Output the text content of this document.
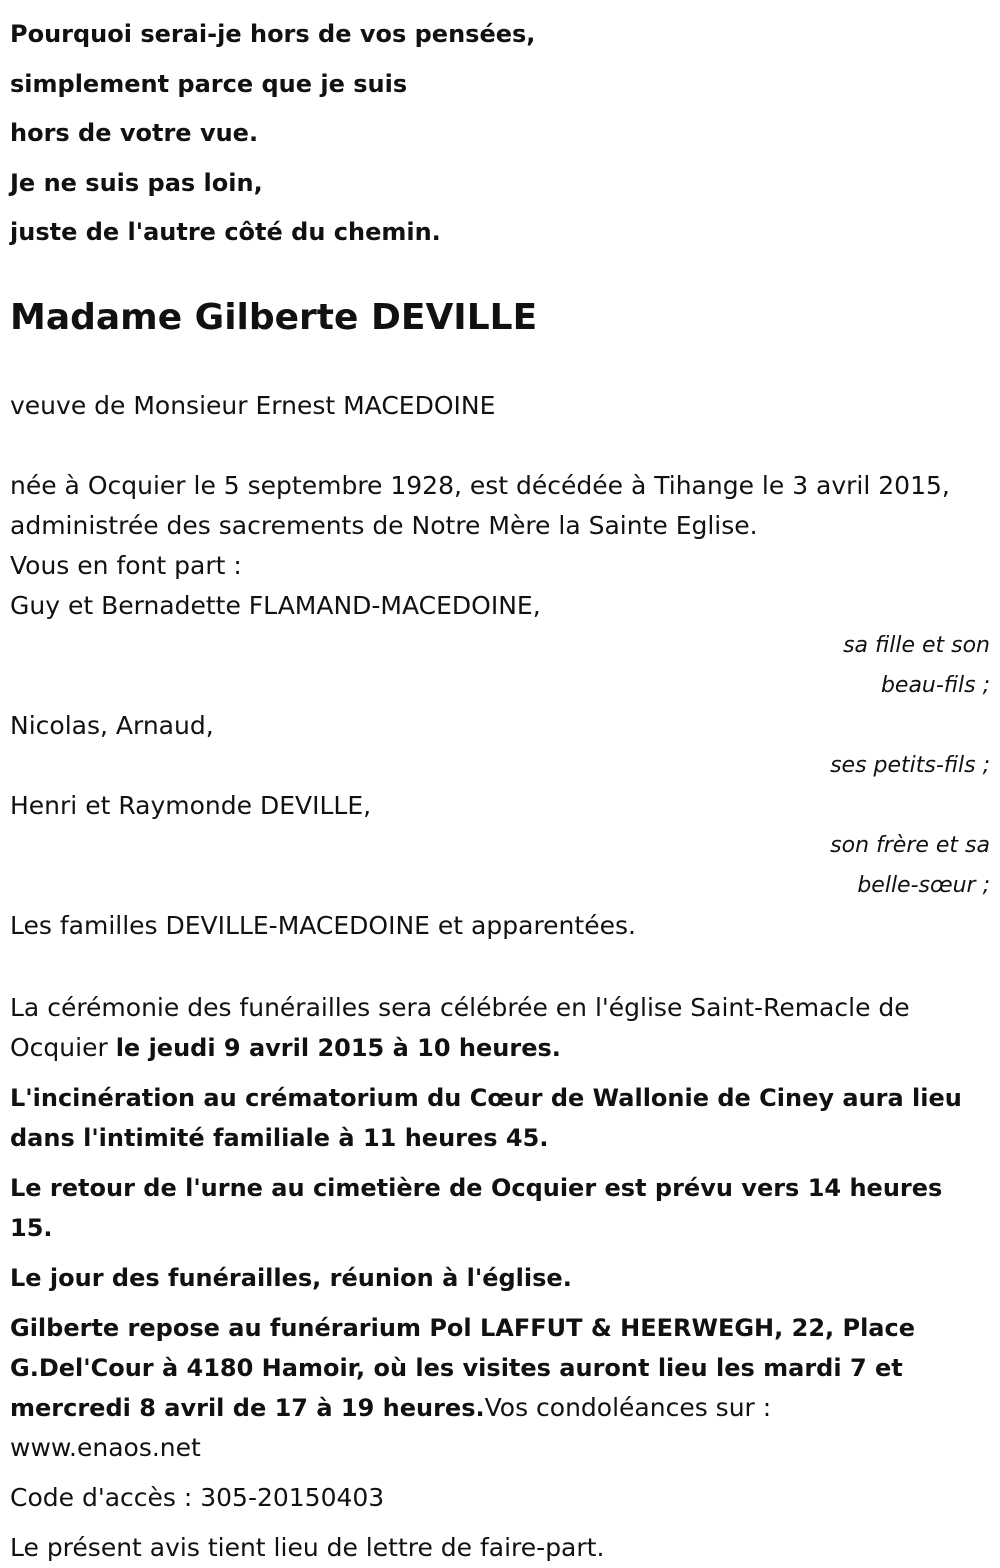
Pourquoi serai-je hors de vos pensées,
simplement parce que je suis
hors de votre vue.
Je ne suis pas loin,
juste de l'autre côté du chemin.
Madame Gilberte DEVILLE
veuve de Monsieur Ernest MACEDOINE
née à Ocquier le 5 septembre 1928, est décédée à Tihange le 3 avril 2015,
administrée des sacrements de Notre Mère la Sainte Eglise.
Vous en font part :
Guy et Bernadette FLAMAND-MACEDOINE,
sa fille et son
beau-fils ;
Nicolas, Arnaud,
ses petits-fils ;
Henri et Raymonde DEVILLE,
son frère et sa
belle-sœur ;
Les familles DEVILLE-MACEDOINE et apparentées.
La cérémonie des funérailles sera célébrée en l'église Saint-Remacle de
Ocquier le jeudi 9 avril 2015 à 10 heures.
L'incinération au crématorium du Cœur de Wallonie de Ciney aura lieu
dans l'intimité familiale à 11 heures 45.
Le retour de l'urne au cimetière de Ocquier est prévu vers 14 heures
15.
Le jour des funérailles, réunion à l'église.
Gilberte repose au funérarium Pol LAFFUT & HEERWEGH, 22, Place
G.Del'Cour à 4180 Hamoir, où les visites auront lieu les mardi 7 et
mercredi 8 avril de 17 à 19 heures.Vos condoléances sur :
www.enaos.net
Code d'accès : 305-20150403
Le présent avis tient lieu de lettre de faire-part.
